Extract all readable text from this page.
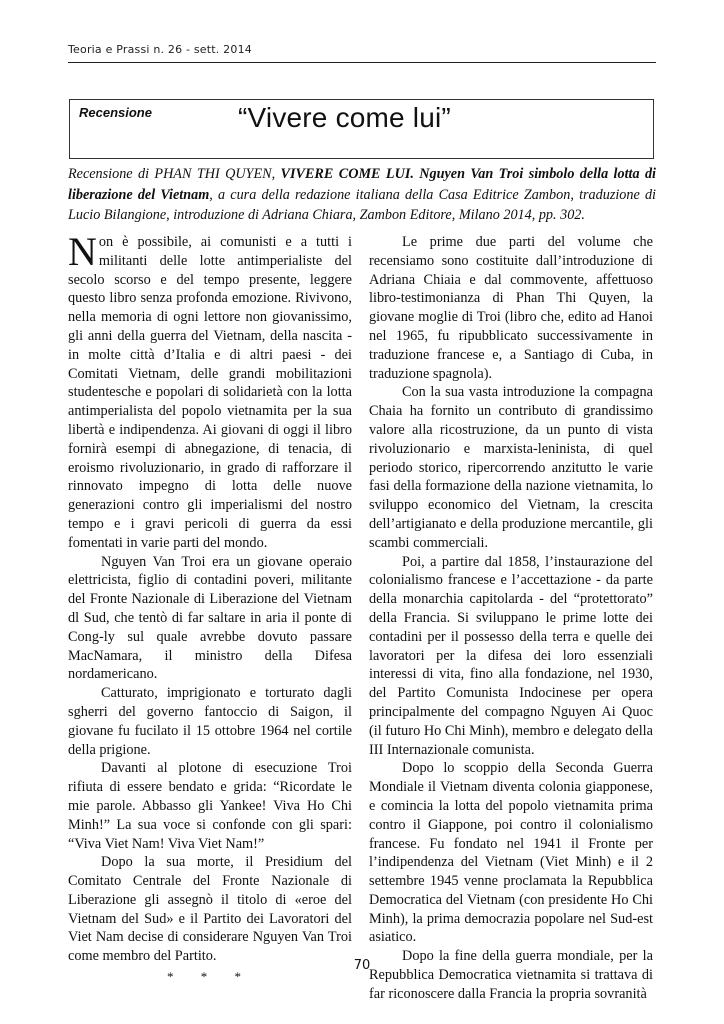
Teoria e Prassi n. 26 - sett. 2014
Recensione	“Vivere come lui”

Recensione di PHAN THI QUYEN, VIVERE COME LUI. Nguyen Van Troi simbolo della lotta di liberazione del Vietnam, a cura della redazione italiana della Casa Editrice Zambon, traduzione di Lucio Bilangione, introduzione di Adriana Chiara, Zambon Editore, Milano 2014, pp. 302.

Non è possibile, ai comunisti e a tutti i militanti delle lotte antimperialiste del secolo scorso e del tempo presente, leggere questo libro senza profonda emozione. Rivivono, nella memoria di ogni lettore non giovanissimo, gli anni della guerra del Vietnam, della nascita - in molte città d’Italia e di altri paesi - dei Comitati Vietnam, delle grandi mobilitazioni studentesche e popolari di solidarietà con la lotta antimperialista del popolo vietnamita per la sua libertà e indipendenza. Ai giovani di oggi il libro fornirà esempi di abnegazione, di tenacia, di eroismo rivoluzionario, in grado di rafforzare il rinnovato impegno di lotta delle nuove generazioni contro gli imperialismi del nostro tempo e i gravi pericoli di guerra da essi fomentati in varie parti del mondo.

Nguyen Van Troi era un giovane operaio elettricista, figlio di contadini poveri, militante del Fronte Nazionale di Liberazione del Vietnam dl Sud, che tentò di far saltare in aria il ponte di Cong-ly sul quale avrebbe dovuto passare MacNamara, il ministro della Difesa nordamericano.

Catturato, imprigionato e torturato dagli sgherri del governo fantoccio di Saigon, il giovane fu fucilato il 15 ottobre 1964 nel cortile della prigione.

Davanti al plotone di esecuzione Troi rifiuta di essere bendato e grida: “Ricordate le mie parole. Abbasso gli Yankee! Viva Ho Chi Minh!” La sua voce si confonde con gli spari: “Viva Viet Nam! Viva Viet Nam!”

Dopo la sua morte, il Presidium del Comitato Centrale del Fronte Nazionale di Liberazione gli assegnò il titolo di «eroe del Vietnam del Sud» e il Partito dei Lavoratori del Viet Nam decise di considerare Nguyen Van Troi come membro del Partito.

* * *

Le prime due parti del volume che recensiamo sono costituite dall’introduzione di Adriana Chiaia e dal commovente, affettuoso libro-testimonianza di Phan Thi Quyen, la giovane moglie di Troi (libro che, edito ad Hanoi nel 1965, fu ripubblicato successivamente in traduzione francese e, a Santiago di Cuba, in traduzione spagnola).

Con la sua vasta introduzione la compagna Chaia ha fornito un contributo di grandissimo valore alla ricostruzione, da un punto di vista rivoluzionario e marxista-leninista, di quel periodo storico, ripercorrendo anzitutto le varie fasi della formazione della nazione vietnamita, lo sviluppo economico del Vietnam, la crescita dell’artigianato e della produzione mercantile, gli scambi commerciali.

Poi, a partire dal 1858, l’instaurazione del colonialismo francese e l’accettazione - da parte della monarchia capitolarda - del “protettorato” della Francia. Si sviluppano le prime lotte dei contadini per il possesso della terra e quelle dei lavoratori per la difesa dei loro essenziali interessi di vita, fino alla fondazione, nel 1930, del Partito Comunista Indocinese per opera principalmente del compagno Nguyen Ai Quoc (il futuro Ho Chi Minh), membro e delegato della III Internazionale comunista.

Dopo lo scoppio della Seconda Guerra Mondiale il Vietnam diventa colonia giapponese, e comincia la lotta del popolo vietnamita prima contro il Giappone, poi contro il colonialismo francese. Fu fondato nel 1941 il Fronte per l’indipendenza del Vietnam (Viet Minh) e il 2 settembre 1945 venne proclamata la Repubblica Democratica del Vietnam (con presidente Ho Chi Minh), la prima democrazia popolare nel Sud-est asiatico.

Dopo la fine della guerra mondiale, per la Repubblica Democratica vietnamita si trattava di far riconoscere dalla Francia la propria sovranità

70
